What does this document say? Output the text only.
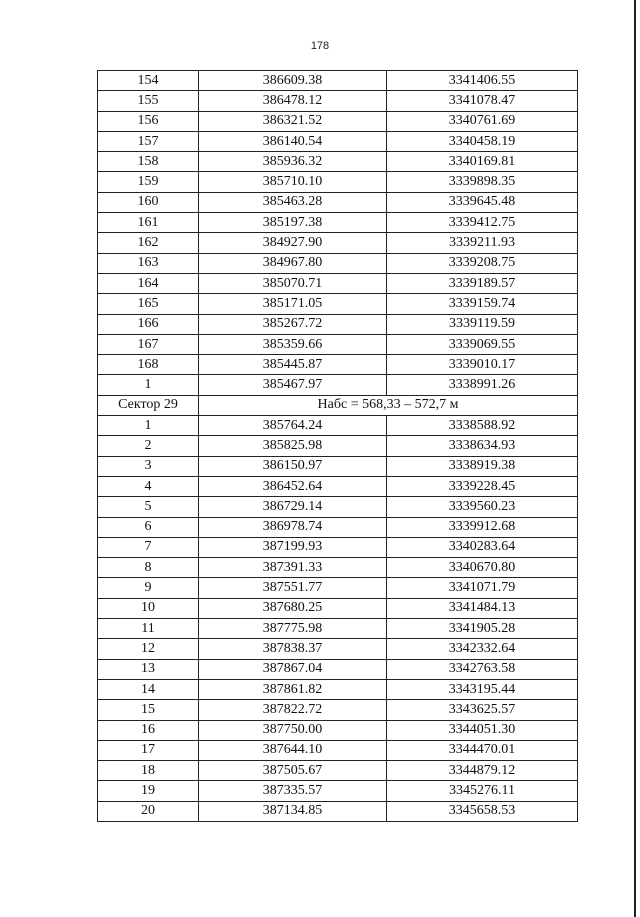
178
154	386609.38	3341406.55
155	386478.12	3341078.47
156	386321.52	3340761.69
157	386140.54	3340458.19
158	385936.32	3340169.81
159	385710.10	3339898.35
160	385463.28	3339645.48
161	385197.38	3339412.75
162	384927.90	3339211.93
163	384967.80	3339208.75
164	385070.71	3339189.57
165	385171.05	3339159.74
166	385267.72	3339119.59
167	385359.66	3339069.55
168	385445.87	3339010.17
1	385467.97	3338991.26
Сектор 29	Набс = 568,33 – 572,7 м	
1	385764.24	3338588.92
2	385825.98	3338634.93
3	386150.97	3338919.38
4	386452.64	3339228.45
5	386729.14	3339560.23
6	386978.74	3339912.68
7	387199.93	3340283.64
8	387391.33	3340670.80
9	387551.77	3341071.79
10	387680.25	3341484.13
11	387775.98	3341905.28
12	387838.37	3342332.64
13	387867.04	3342763.58
14	387861.82	3343195.44
15	387822.72	3343625.57
16	387750.00	3344051.30
17	387644.10	3344470.01
18	387505.67	3344879.12
19	387335.57	3345276.11
20	387134.85	3345658.53
